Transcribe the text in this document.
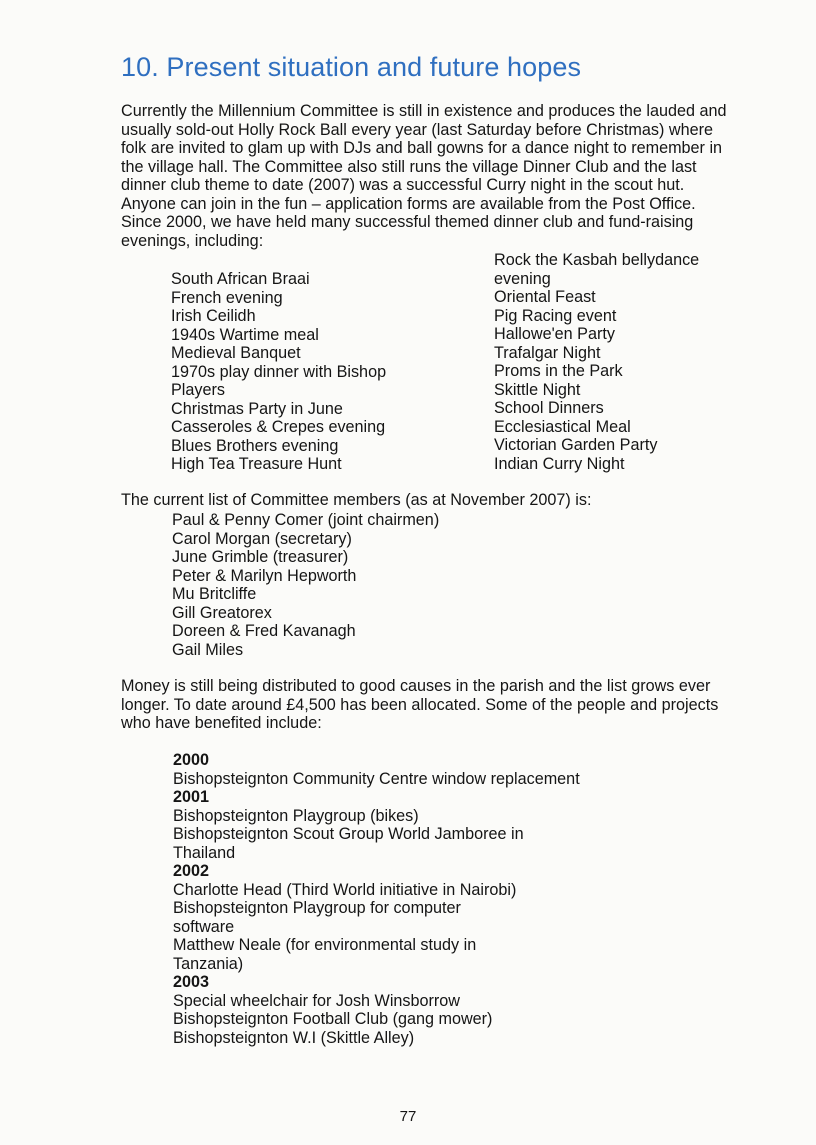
10. Present situation and future hopes

Currently the Millennium Committee is still in existence and produces the lauded and usually sold-out Holly Rock Ball every year (last Saturday before Christmas) where folk are invited to glam up with DJs and ball gowns for a dance night to remember in the village hall. The Committee also still runs the village Dinner Club and the last dinner club theme to date (2007) was a successful Curry night in the scout hut. Anyone can join in the fun – application forms are available from the Post Office. Since 2000, we have held many successful themed dinner club and fund-raising evenings, including:

South African Braai
French evening
Irish Ceilidh
1940s Wartime meal
Medieval Banquet
1970s play dinner with Bishop
Players
Christmas Party in June
Casseroles & Crepes evening
Blues Brothers evening
High Tea Treasure Hunt
Rock the Kasbah bellydance
evening
Oriental Feast
Pig Racing event
Hallowe'en Party
Trafalgar Night
Proms in the Park
Skittle Night
School Dinners
Ecclesiastical Meal
Victorian Garden Party
Indian Curry Night

The current list of Committee members (as at November 2007) is:

Paul & Penny Comer (joint chairmen)
Carol Morgan (secretary)
June Grimble (treasurer)
Peter & Marilyn Hepworth
Mu Britcliffe
Gill Greatorex
Doreen & Fred Kavanagh
Gail Miles

Money is still being distributed to good causes in the parish and the list grows ever longer. To date around £4,500 has been allocated. Some of the people and projects who have benefited include:

2000
Bishopsteignton Community Centre window replacement
2001
Bishopsteignton Playgroup (bikes)
Bishopsteignton Scout Group World Jamboree in
Thailand
2002
Charlotte Head (Third World initiative in Nairobi)
Bishopsteignton Playgroup for computer
software
Matthew Neale (for environmental study in
Tanzania)
2003
Special wheelchair for Josh Winsborrow
Bishopsteignton Football Club (gang mower)
Bishopsteignton W.I (Skittle Alley)
77
